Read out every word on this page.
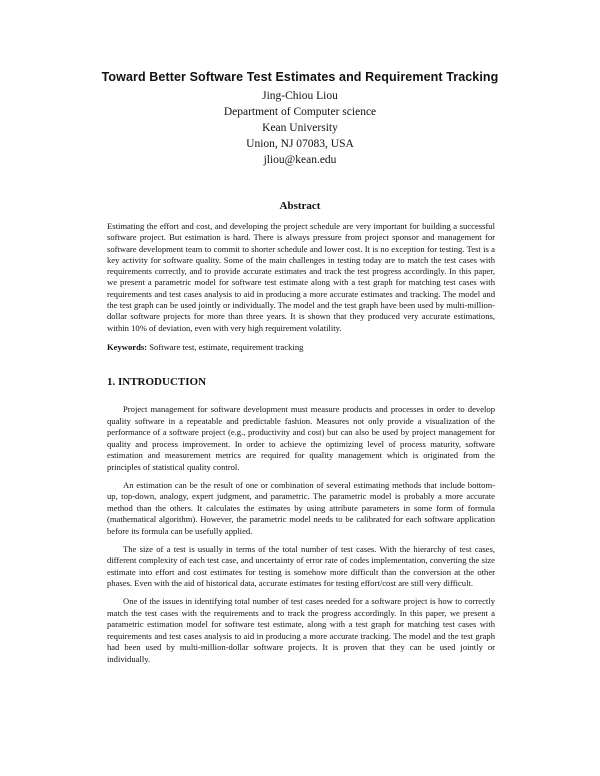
Toward Better Software Test Estimates and Requirement Tracking
Jing-Chiou Liou
Department of Computer science
Kean University
Union, NJ 07083, USA
jliou@kean.edu
Abstract

Estimating the effort and cost, and developing the project schedule are very important for building a successful software project. But estimation is hard. There is always pressure from project sponsor and management for software development team to commit to shorter schedule and lower cost. It is no exception for testing. Test is a key activity for software quality. Some of the main challenges in testing today are to match the test cases with requirements correctly, and to provide accurate estimates and track the test progress accordingly. In this paper, we present a parametric model for software test estimate along with a test graph for matching test cases with requirements and test cases analysis to aid in producing a more accurate estimates and tracking. The model and the test graph can be used jointly or individually. The model and the test graph have been used by multi-million-dollar software projects for more than three years. It is shown that they produced very accurate estimations, within 10% of deviation, even with very high requirement volatility.

Keywords: Software test, estimate, requirement tracking
1. INTRODUCTION

Project management for software development must measure products and processes in order to develop quality software in a repeatable and predictable fashion. Measures not only provide a visualization of the performance of a software project (e.g., productivity and cost) but can also be used by project management for quality and process improvement. In order to achieve the optimizing level of process maturity, software estimation and measurement metrics are required for quality management which is originated from the principles of statistical quality control.

An estimation can be the result of one or combination of several estimating methods that include bottom-up, top-down, analogy, expert judgment, and parametric. The parametric model is probably a more accurate method than the others. It calculates the estimates by using attribute parameters in some form of formula (mathematical algorithm). However, the parametric model needs to be calibrated for each software application before its formula can be usefully applied.

The size of a test is usually in terms of the total number of test cases. With the hierarchy of test cases, different complexity of each test case, and uncertainty of error rate of codes implementation, converting the size estimate into effort and cost estimates for testing is somehow more difficult than the conversion at the other phases. Even with the aid of historical data, accurate estimates for testing effort/cost are still very difficult.

One of the issues in identifying total number of test cases needed for a software project is how to correctly match the test cases with the requirements and to track the progress accordingly. In this paper, we present a parametric estimation model for software test estimate, along with a test graph for matching test cases with requirements and test cases analysis to aid in producing a more accurate tracking. The model and the test graph had been used by multi-million-dollar software projects. It is proven that they can be used jointly or individually.
